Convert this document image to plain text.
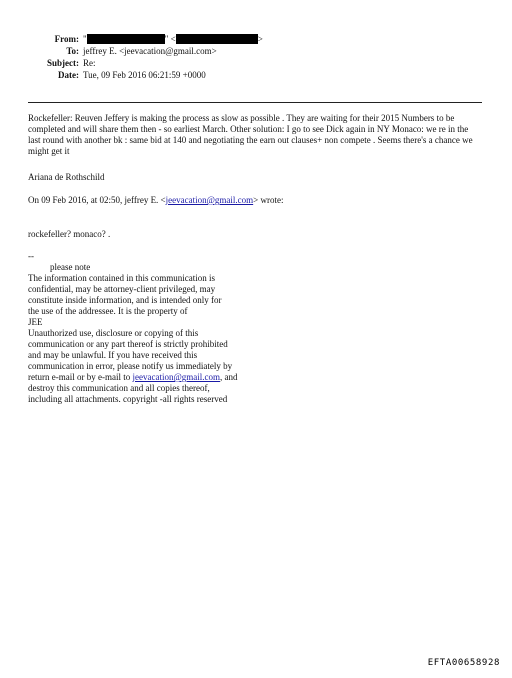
From: "	" <	>
To: jeffrey E. <jeevacation@gmail.com>
Subject: Re:
Date: Tue, 09 Feb 2016 06:21:59 +0000
Rockefeller: Reuven Jeffery is making the process as slow as possible . They are waiting for their 2015 Numbers to be completed and will share them then - so earliest March. Other solution: I go to see Dick again in NY Monaco: we re in the last round with another bk : same bid at 140 and negotiating the earn out clauses+ non compete . Seems there's a chance we might get it
Ariana de Rothschild
On 09 Feb 2016, at 02:50, jeffrey E. <jeevacation@gmail.com> wrote:
rockefeller? monaco? .
--
please note
The information contained in this communication is
confidential, may be attorney-client privileged, may
constitute inside information, and is intended only for
the use of the addressee. It is the property of
JEE
Unauthorized use, disclosure or copying of this
communication or any part thereof is strictly prohibited
and may be unlawful. If you have received this
communication in error, please notify us immediately by
return e-mail or by e-mail to jeevacation@gmail.com, and
destroy this communication and all copies thereof,
including all attachments. copyright -all rights reserved
EFTA00658928
